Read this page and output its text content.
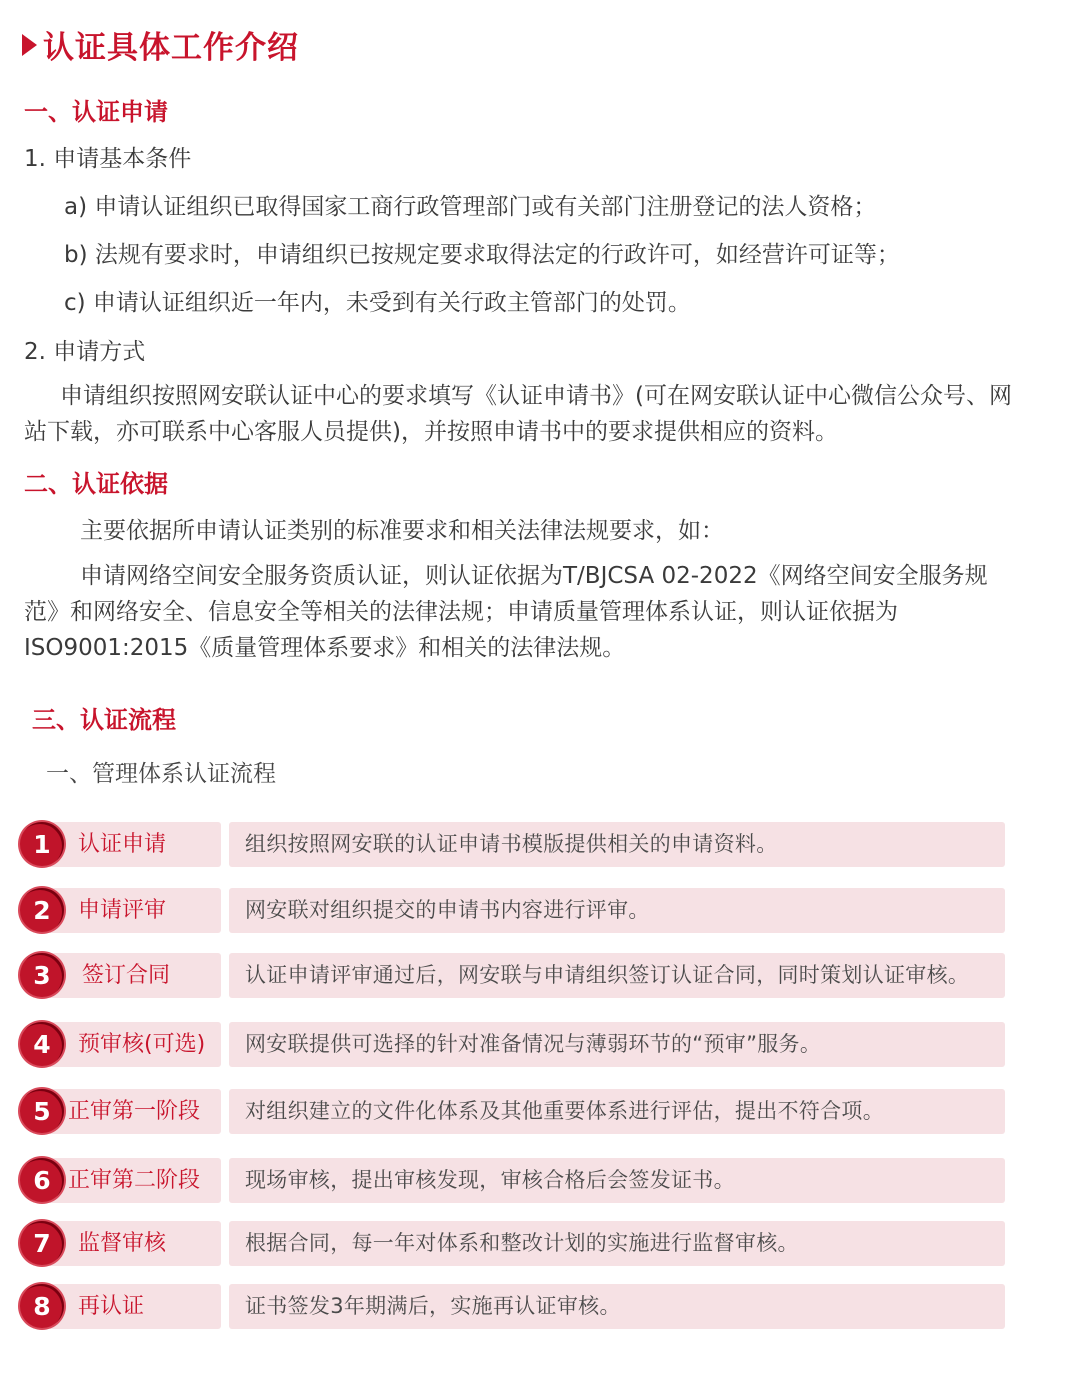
认证具体工作介绍
一、认证申请
1. 申请基本条件
a) 申请认证组织已取得国家工商行政管理部门或有关部门注册登记的法人资格；
b) 法规有要求时，申请组织已按规定要求取得法定的行政许可，如经营许可证等；
c) 申请认证组织近一年内，未受到有关行政主管部门的处罚。
2. 申请方式
申请组织按照网安联认证中心的要求填写《认证申请书》(可在网安联认证中心微信公众号、网站下载，亦可联系中心客服人员提供)，并按照申请书中的要求提供相应的资料。
二、认证依据
主要依据所申请认证类别的标准要求和相关法律法规要求，如：
申请网络空间安全服务资质认证，则认证依据为T/BJCSA 02-2022《网络空间安全服务规范》和网络安全、信息安全等相关的法律法规；申请质量管理体系认证，则认证依据为ISO9001:2015《质量管理体系要求》和相关的法律法规。
三、认证流程
一、管理体系认证流程
1	认证申请	组织按照网安联的认证申请书模版提供相关的申请资料。
2	申请评审	网安联对组织提交的申请书内容进行评审。
3	签订合同	认证申请评审通过后，网安联与申请组织签订认证合同，同时策划认证审核。
4	预审核(可选)	网安联提供可选择的针对准备情况与薄弱环节的“预审”服务。
5 正审第一阶段	对组织建立的文件化体系及其他重要体系进行评估，提出不符合项。
6 正审第二阶段	现场审核，提出审核发现，审核合格后会签发证书。
7	监督审核	根据合同，每一年对体系和整改计划的实施进行监督审核。
8	再认证	证书签发3年期满后，实施再认证审核。
